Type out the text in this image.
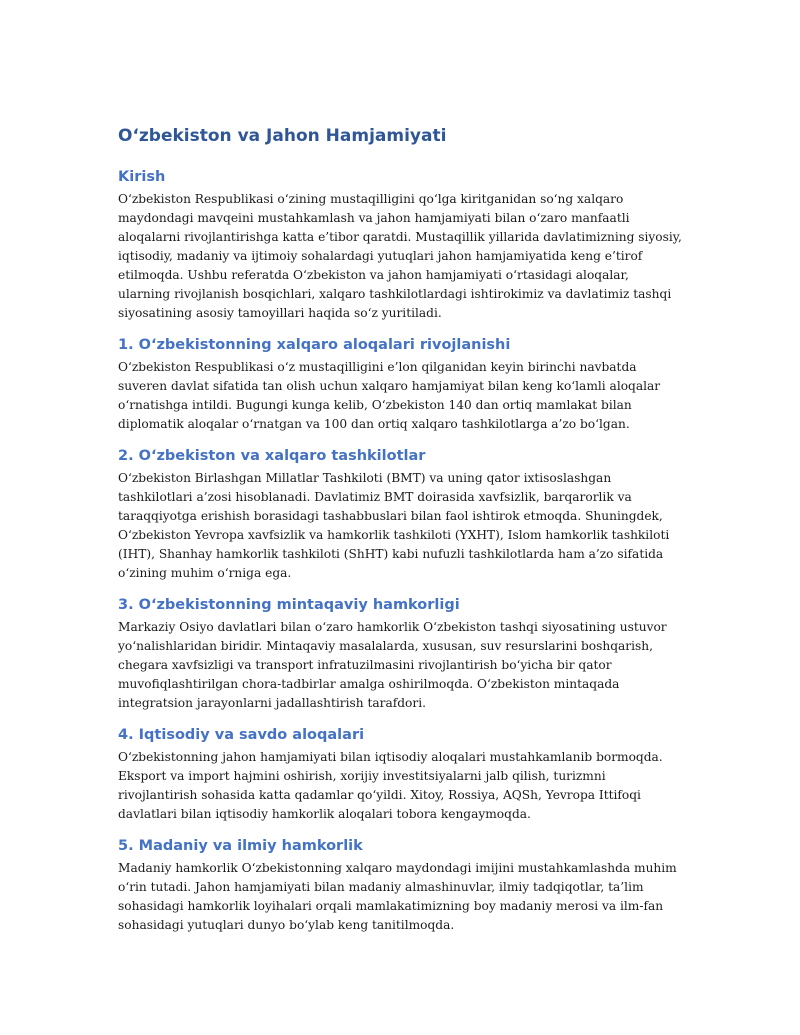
O‘zbekiston va Jahon Hamjamiyati
Kirish

O‘zbekiston Respublikasi o‘zining mustaqilligini qo‘lga kiritganidan so‘ng xalqaro maydondagi mavqeini mustahkamlash va jahon hamjamiyati bilan o‘zaro manfaatli aloqalarni rivojlantirishga katta e’tibor qaratdi. Mustaqillik yillarida davlatimizning siyosiy, iqtisodiy, madaniy va ijtimoiy sohalardagi yutuqlari jahon hamjamiyatida keng e’tirof etilmoqda. Ushbu referatda O‘zbekiston va jahon hamjamiyati o‘rtasidagi aloqalar, ularning rivojlanish bosqichlari, xalqaro tashkilotlardagi ishtirokimiz va davlatimiz tashqi siyosatining asosiy tamoyillari haqida so‘z yuritiladi.

1. O‘zbekistonning xalqaro aloqalari rivojlanishi

O‘zbekiston Respublikasi o‘z mustaqilligini e’lon qilganidan keyin birinchi navbatda suveren davlat sifatida tan olish uchun xalqaro hamjamiyat bilan keng ko‘lamli aloqalar o‘rnatishga intildi. Bugungi kunga kelib, O‘zbekiston 140 dan ortiq mamlakat bilan diplomatik aloqalar o‘rnatgan va 100 dan ortiq xalqaro tashkilotlarga a’zo bo‘lgan.

2. O‘zbekiston va xalqaro tashkilotlar

O‘zbekiston Birlashgan Millatlar Tashkiloti (BMT) va uning qator ixtisoslashgan tashkilotlari a’zosi hisoblanadi. Davlatimiz BMT doirasida xavfsizlik, barqarorlik va taraqqiyotga erishish borasidagi tashabbuslari bilan faol ishtirok etmoqda. Shuningdek, O‘zbekiston Yevropa xavfsizlik va hamkorlik tashkiloti (YXHT), Islom hamkorlik tashkiloti (IHT), Shanhay hamkorlik tashkiloti (ShHT) kabi nufuzli tashkilotlarda ham a’zo sifatida o‘zining muhim o‘rniga ega.

3. O‘zbekistonning mintaqaviy hamkorligi

Markaziy Osiyo davlatlari bilan o‘zaro hamkorlik O‘zbekiston tashqi siyosatining ustuvor yo‘nalishlaridan biridir. Mintaqaviy masalalarda, xususan, suv resurslarini boshqarish, chegara xavfsizligi va transport infratuzilmasini rivojlantirish bo‘yicha bir qator muvofiqlashtirilgan chora-tadbirlar amalga oshirilmoqda. O‘zbekiston mintaqada integratsion jarayonlarni jadallashtirish tarafdori.

4. Iqtisodiy va savdo aloqalari

O‘zbekistonning jahon hamjamiyati bilan iqtisodiy aloqalari mustahkamlanib bormoqda. Eksport va import hajmini oshirish, xorijiy investitsiyalarni jalb qilish, turizmni rivojlantirish sohasida katta qadamlar qo‘yildi. Xitoy, Rossiya, AQSh, Yevropa Ittifoqi davlatlari bilan iqtisodiy hamkorlik aloqalari tobora kengaymoqda.

5. Madaniy va ilmiy hamkorlik

Madaniy hamkorlik O‘zbekistonning xalqaro maydondagi imijini mustahkamlashda muhim o‘rin tutadi. Jahon hamjamiyati bilan madaniy almashinuvlar, ilmiy tadqiqotlar, ta’lim sohasidagi hamkorlik loyihalari orqali mamlakatimizning boy madaniy merosi va ilm-fan sohasidagi yutuqlari dunyo bo‘ylab keng tanitilmoqda.
